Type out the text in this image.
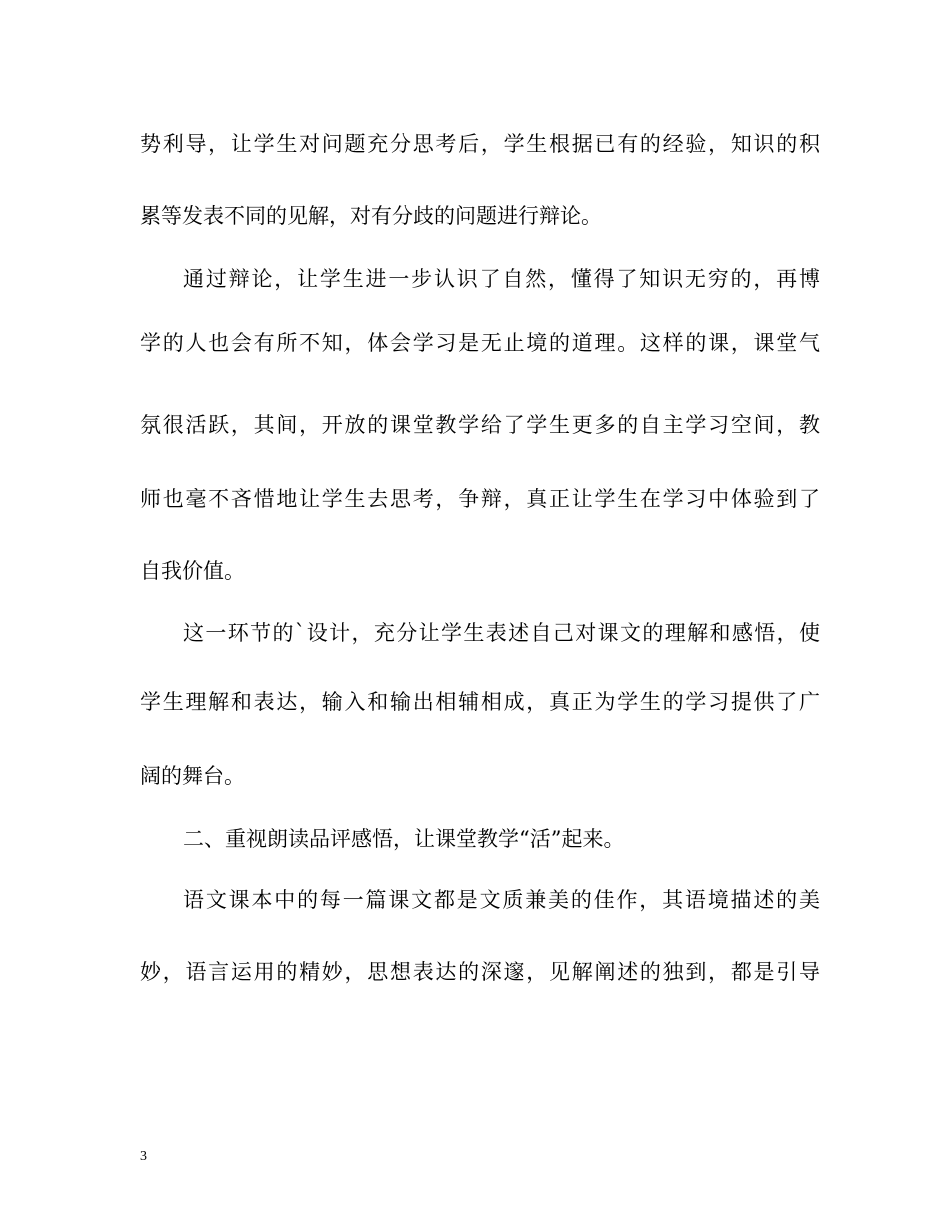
势利导，让学生对问题充分思考后，学生根据已有的经验，知识的积
累等发表不同的见解，对有分歧的问题进行辩论。
通过辩论，让学生进一步认识了自然，懂得了知识无穷的，再博
学的人也会有所不知，体会学习是无止境的道理。这样的课，课堂气
氛很活跃，其间，开放的课堂教学给了学生更多的自主学习空间，教
师也毫不吝惜地让学生去思考，争辩，真正让学生在学习中体验到了
自我价值。
这一环节的`设计，充分让学生表述自己对课文的理解和感悟，使
学生理解和表达，输入和输出相辅相成，真正为学生的学习提供了广
阔的舞台。
二、重视朗读品评感悟，让课堂教学“活”起来。
语文课本中的每一篇课文都是文质兼美的佳作，其语境描述的美
妙，语言运用的精妙，思想表达的深邃，见解阐述的独到，都是引导
3
